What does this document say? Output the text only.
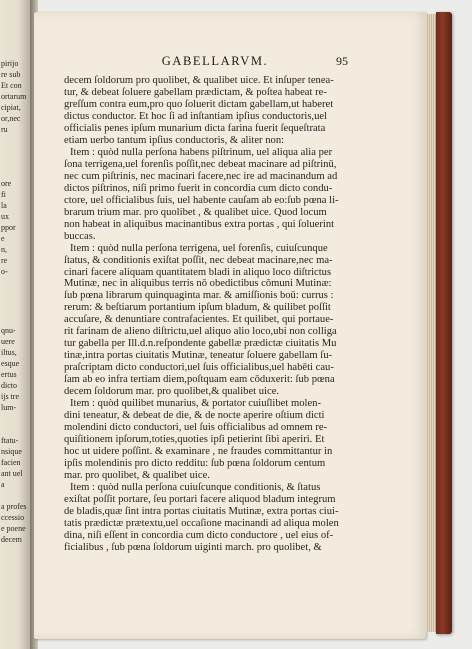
pirijo
re sub
Et con
ortarum
cipiat,
or,nec
ru
ore
fi
la
ux
ppor
e
n,
re
o-
qnu-
uere
iltus,
esque
ertus
dicto
ijs tre
lum-
ftatu-
nsique
facien
ant uel
a
a profes
ccessio
e poene
decem
GABELLARVM.	95
decem ſoldorum pro quolibet, & qualibet uice. Et inſuper tenea-
tur, & debeat ſoluere gabellam prædictam, & poſtea habeat re-
greſſum contra eum,pro quo ſoluerit dictam gabellam,ut haberet
dictus conductor. Et hoc ſi ad inſtantiam ipſius conductoris,uel
officialis penes ipſum munarium dicta farina fuerit ſequeſtrata
etiam uerbo tantum ipſius conductoris, & aliter non:
Item : quòd nulla perſona habens piſtrinum, uel aliqua alia per
ſona terrigena,uel forenſis poſſit,nec debeat macinare ad piſtrinū,
nec cum piſtrinis, nec macinari facere,nec ire ad macinandum ad
dictos piſtrinos, niſi primo fuerit in concordia cum dicto condu-
ctore, uel officialibus ſuis, uel habente cauſam ab eo:ſub pœna li-
brarum trium mar. pro quolibet , & qualibet uice. Quod locum
non habeat in aliquibus macinantibus extra portas , qui ſoluerint
buccas.
Item : quòd nulla perſona terrigena, uel forenſis, cuiuſcunque
ſtatus, & conditionis exiſtat poſſit, nec debeat macinare,nec ma-
cinari facere aliquam quantitatem bladi in aliquo loco diſtrictus
Mutinæ, nec in aliquibus terris nō obedictibus cōmuni Mutinæ:
ſub pœna librarum quinquaginta mar. & amiſſionis boū: currus :
rerum: & beſtiarum portantium ipſum bladum, & quilibet poſſit
accuſare, & denuntiare contrafacientes. Et quilibet, qui portaue-
rit farinam de alieno diſtrictu,uel aliquo alio loco,ubi non colliga
tur gabella per Ill.d.n.reſpondente gabellæ prædictæ ciuitatis Mu
tinæ,intra portas ciuitatis Mutinæ, teneatur ſoluere gabellam ſu-
praſcriptam dicto conductori,uel ſuis officialibus,uel habēti cau-
ſam ab eo infra tertiam diem,poſtquam eam cōduxerit: ſub pœna
decem ſoldorum mar. pro quolibet,& qualibet uice.
Item : quòd quilibet munarius, & portator cuiuſlibet molen-
dini teneatur, & debeat de die, & de nocte aperire oſtium dicti
molendini dicto conductori, uel ſuis officialibus ad omnem re-
quiſitionem ipſorum,toties,quoties ipſi petierint ſibi aperiri. Et
hoc ut uidere poſſint. & examinare , ne fraudes committantur in
ipſis molendinis pro dicto redditu: ſub pœna ſoldorum centum
mar. pro quolibet, & qualibet uice.
Item : quòd nulla perſona cuiuſcunque conditionis, & ſtatus
exiſtat poſſit portare, ſeu portari facere aliquod bladum integrum
de bladis,quæ ſint intra portas ciuitatis Mutinæ, extra portas ciui-
tatis prædictæ prætextu,uel occaſione macinandi ad aliqua molen
dina, niſi eſſent in concordia cum dicto conductore , uel eius of-
ficialibus , ſub pœna ſoldorum uiginti march. pro quolibet, &
